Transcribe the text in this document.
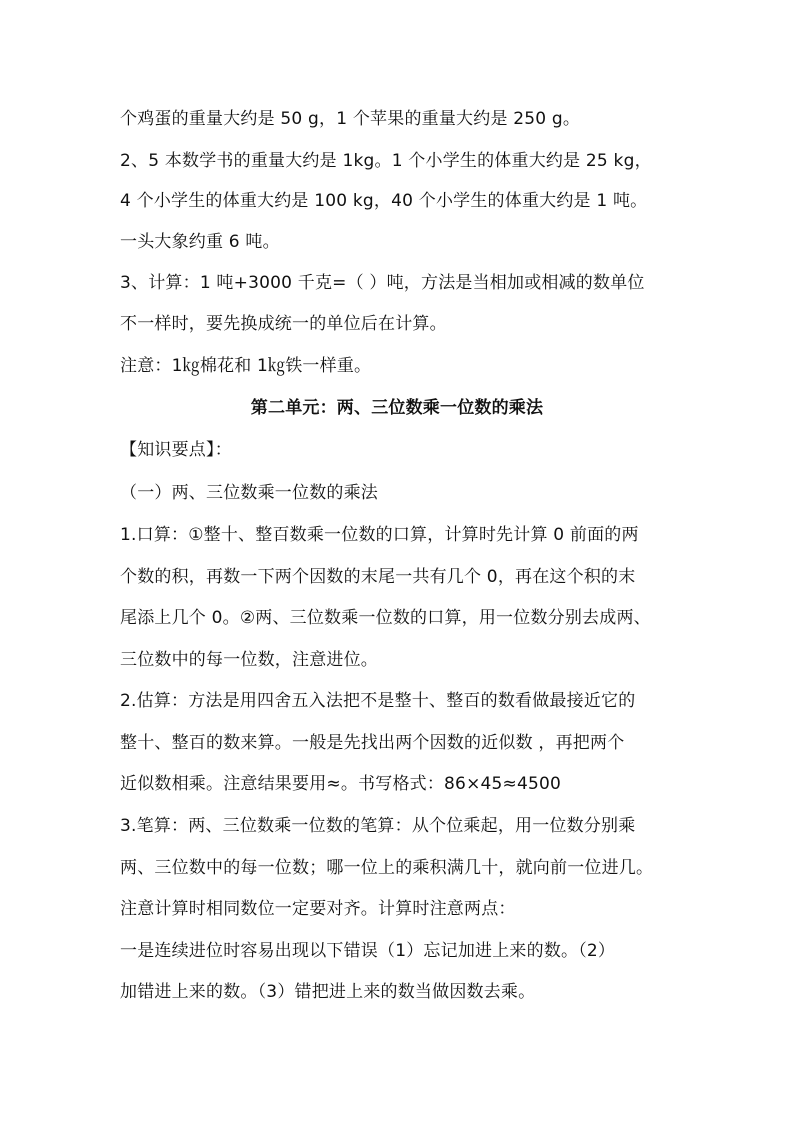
个鸡蛋的重量大约是 50 g，1 个苹果的重量大约是 250 g。
2、5 本数学书的重量大约是 1kg。1 个小学生的体重大约是 25 kg，
4 个小学生的体重大约是 100 kg，40 个小学生的体重大约是 1 吨。
一头大象约重 6 吨。
3、计算：1 吨+3000 千克=（ ）吨，方法是当相加或相减的数单位
不一样时，要先换成统一的单位后在计算。
注意：1㎏棉花和 1㎏铁一样重。
第二单元：两、三位数乘一位数的乘法
【知识要点】：
（一）两、三位数乘一位数的乘法
1.口算：①整十、整百数乘一位数的口算，计算时先计算 0 前面的两
个数的积，再数一下两个因数的末尾一共有几个 0，再在这个积的末
尾添上几个 0。②两、三位数乘一位数的口算，用一位数分别去成两、
三位数中的每一位数，注意进位。
2.估算：方法是用四舍五入法把不是整十、整百的数看做最接近它的
整十、整百的数来算。一般是先找出两个因数的近似数 ，再把两个
近似数相乘。注意结果要用≈。书写格式：86×45≈4500
3.笔算：两、三位数乘一位数的笔算：从个位乘起，用一位数分别乘
两、三位数中的每一位数；哪一位上的乘积满几十，就向前一位进几。
注意计算时相同数位一定要对齐。计算时注意两点：
一是连续进位时容易出现以下错误（1）忘记加进上来的数。（2）
加错进上来的数。（3）错把进上来的数当做因数去乘。
